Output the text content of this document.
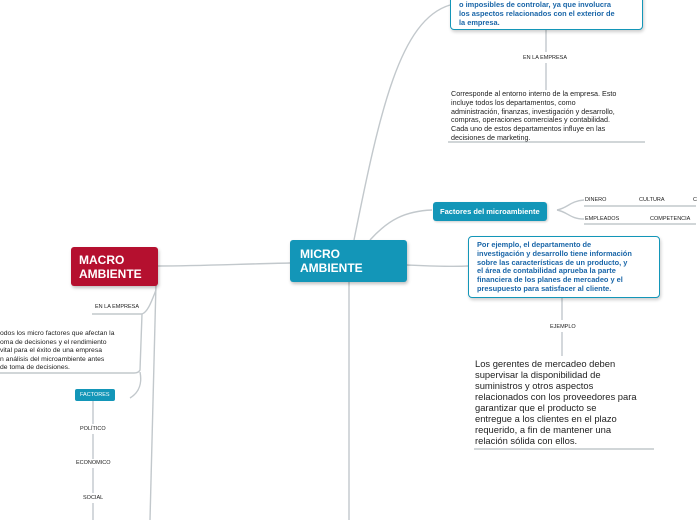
MICRO
AMBIENTE
MACRO
AMBIENTE
o imposibles de controlar, ya que involucra
los aspectos relacionados con el exterior de
la empresa.
EN LA EMPRESA
Corresponde al entorno interno de la empresa. Esto
incluye todos los departamentos, como
administración, finanzas, investigación y desarrollo,
compras, operaciones comerciales y contabilidad.
Cada uno de estos departamentos influye en las
decisiones de marketing.
Factores del microambiente
DINERO	CULTURA	C
EMPLEADOS	COMPETENCIA
Por ejemplo, el departamento de
investigación y desarrollo tiene información
sobre las características de un producto, y
el área de contabilidad aprueba la parte
financiera de los planes de mercadeo y el
presupuesto para satisfacer al cliente.
EJEMPLO
Los gerentes de mercadeo deben
supervisar la disponibilidad de
suministros y otros aspectos
relacionados con los proveedores para
garantizar que el producto se
entregue a los clientes en el plazo
requerido, a fin de mantener una
relación sólida con ellos.
EN LA EMPRESA
odos los micro factores que afectan la
oma de decisiones y el rendimiento
vital para el éxito de una empresa
n análisis del microambiente antes
de toma de decisiones.
FACTORES
POLÍTICO
ECONOMICO
SOCIAL
